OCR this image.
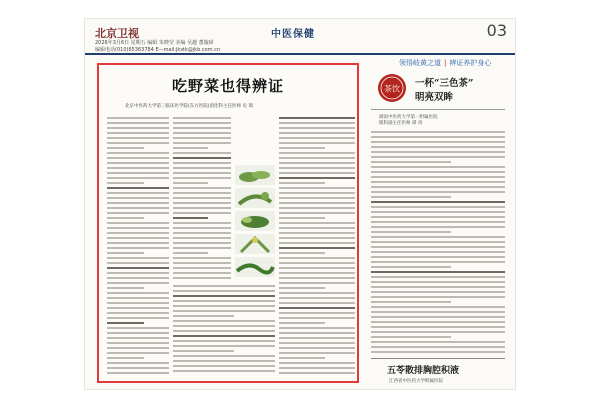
北京卫视
2026年3月6日 星期五 编辑 朱晓莹 美编 吴越 董璇璋
编辑电话(010)65363784 E—mail:jkstk@jkb.com.cn
中医保健	03
领悟岐黄之道 | 辨证养护身心
吃野菜也得辨证
北京中医药大学第三临床医学院(东方医院)消化科主任医师 史 瑞
茶饮 一杯“三色茶”
明亮双眸
湖南中医药大学第一附属医院
眼科副主任医师 谭 涛
五苓散排胸腔积液
江西省中医药大学附属医院
